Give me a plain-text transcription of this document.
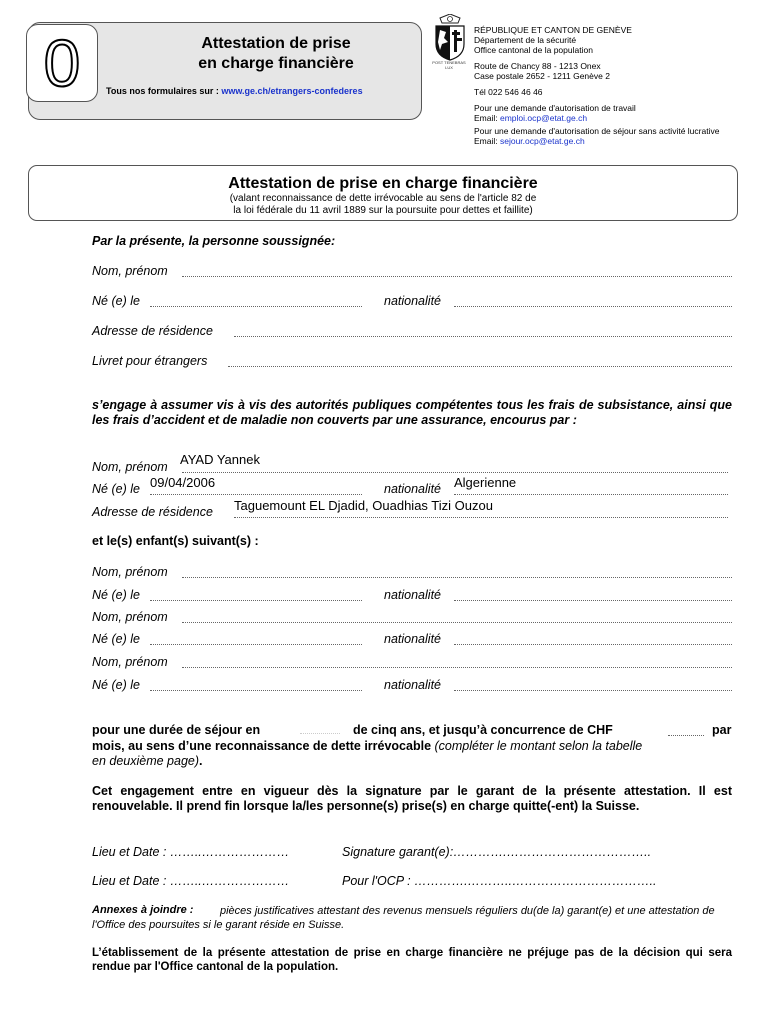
0	Attestation de prise
en charge financière
Tous nos formulaires sur : www.ge.ch/etrangers-confederes
POST TENEBRAS LUX
RÉPUBLIQUE ET CANTON DE GENÈVE
Département de la sécurité
Office cantonal de la population
Route de Chancy 88 - 1213 Onex
Case postale 2652 - 1211 Genève 2
Tél 022 546 46 46
Pour une demande d'autorisation de travail
Email: emploi.ocp@etat.ge.ch
Pour une demande d'autorisation de séjour sans activité lucrative
Email: sejour.ocp@etat.ge.ch
Attestation de prise en charge financière
(valant reconnaissance de dette irrévocable au sens de l'article 82 de
la loi fédérale du 11 avril 1889 sur la poursuite pour dettes et faillite)
Par la présente, la personne soussignée:
Nom, prénom
Né (e) le	nationalité
Adresse de résidence
Livret pour étrangers
s’engage à assumer vis à vis des autorités publiques compétentes tous les frais de subsistance, ainsi que les frais d’accident et de maladie non couverts par une assurance, encourus par :
Nom, prénom AYAD Yannek
Né (e) le 09/04/2006	nationalité Algerienne
Adresse de résidence Taguemount EL Djadid, Ouadhias Tizi Ouzou
et le(s) enfant(s) suivant(s) :
Nom, prénom
Né (e) le	nationalité
Nom, prénom
Né (e) le	nationalité
Nom, prénom
Né (e) le	nationalité
pour une durée de séjour en	de cinq ans, et jusqu’à concurrence de CHF	par
mois, au sens d’une reconnaissance de dette irrévocable (compléter le montant selon la tabelle
en deuxième page).
Cet engagement entre en vigueur dès la signature par le garant de la présente attestation. Il est renouvelable. Il prend fin lorsque la/les personne(s) prise(s) en charge quitte(-ent) la Suisse.
Lieu et Date : ……..…………………	Signature garant(e):………….……………………………..
Lieu et Date : ……..…………………	Pour l'OCP : ………….………..……………………………..
Annexes à joindre :	pièces justificatives attestant des revenus mensuels réguliers du(de la) garant(e) et une attestation de l'Office des poursuites si le garant réside en Suisse.
L’établissement de la présente attestation de prise en charge financière ne préjuge pas de la décision qui sera rendue par l'Office cantonal de la population.
